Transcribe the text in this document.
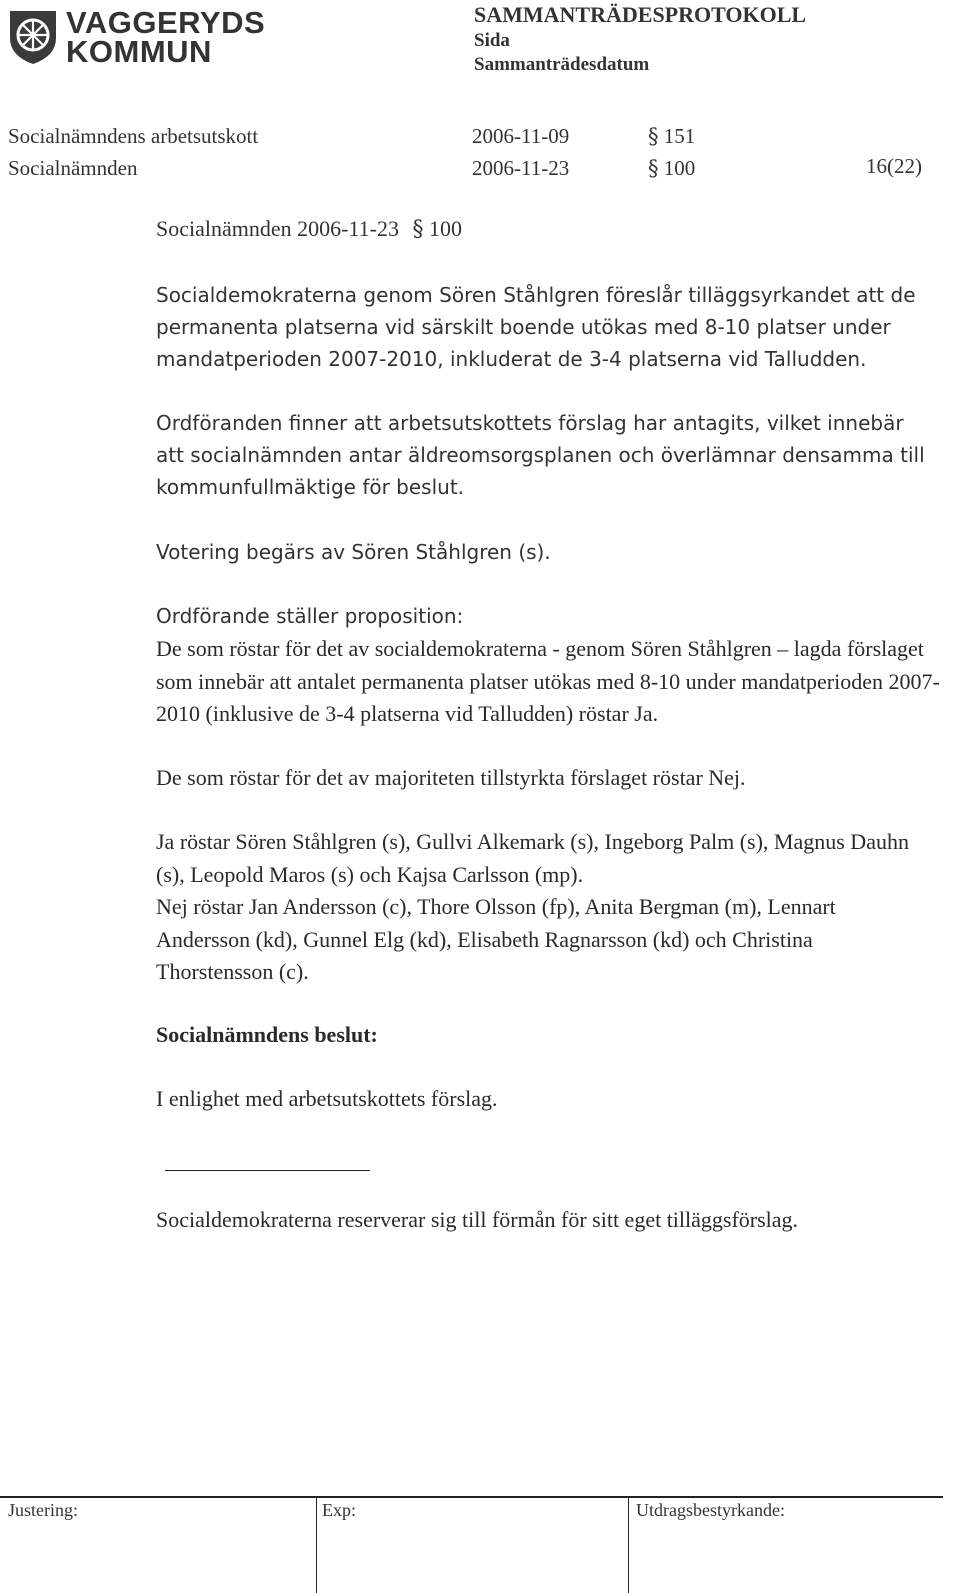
VAGGERYDS
KOMMUN
SAMMANTRÄDESPROTOKOLL
Sida
Sammanträdesdatum
Socialnämndens arbetsutskott	2006-11-09	§ 151
Socialnämnden	2006-11-23	§ 100	16(22)
Socialnämnden 2006-11-23 § 100
Socialdemokraterna genom Sören Ståhlgren föreslår tilläggsyrkandet att de permanenta platserna vid särskilt boende utökas med 8-10 platser under mandatperioden 2007-2010, inkluderat de 3-4 platserna vid Talludden.
Ordföranden finner att arbetsutskottets förslag har antagits, vilket innebär att socialnämnden antar äldreomsorgsplanen och överlämnar densamma till kommunfullmäktige för beslut.
Votering begärs av Sören Ståhlgren (s).
Ordförande ställer proposition:
De som röstar för det av socialdemokraterna - genom Sören Ståhlgren – lagda förslaget som innebär att antalet permanenta platser utökas med 8-10 under mandatperioden 2007-2010 (inklusive de 3-4 platserna vid Talludden) röstar Ja.
De som röstar för det av majoriteten tillstyrkta förslaget röstar Nej.
Ja röstar Sören Ståhlgren (s), Gullvi Alkemark (s), Ingeborg Palm (s), Magnus Dauhn (s), Leopold Maros (s) och Kajsa Carlsson (mp).
Nej röstar Jan Andersson (c), Thore Olsson (fp), Anita Bergman (m), Lennart Andersson (kd), Gunnel Elg (kd), Elisabeth Ragnarsson (kd) och Christina Thorstensson (c).
Socialnämndens beslut:
I enlighet med arbetsutskottets förslag.
Socialdemokraterna reserverar sig till förmån för sitt eget tilläggsförslag.
Justering:	Exp:	Utdragsbestyrkande:
